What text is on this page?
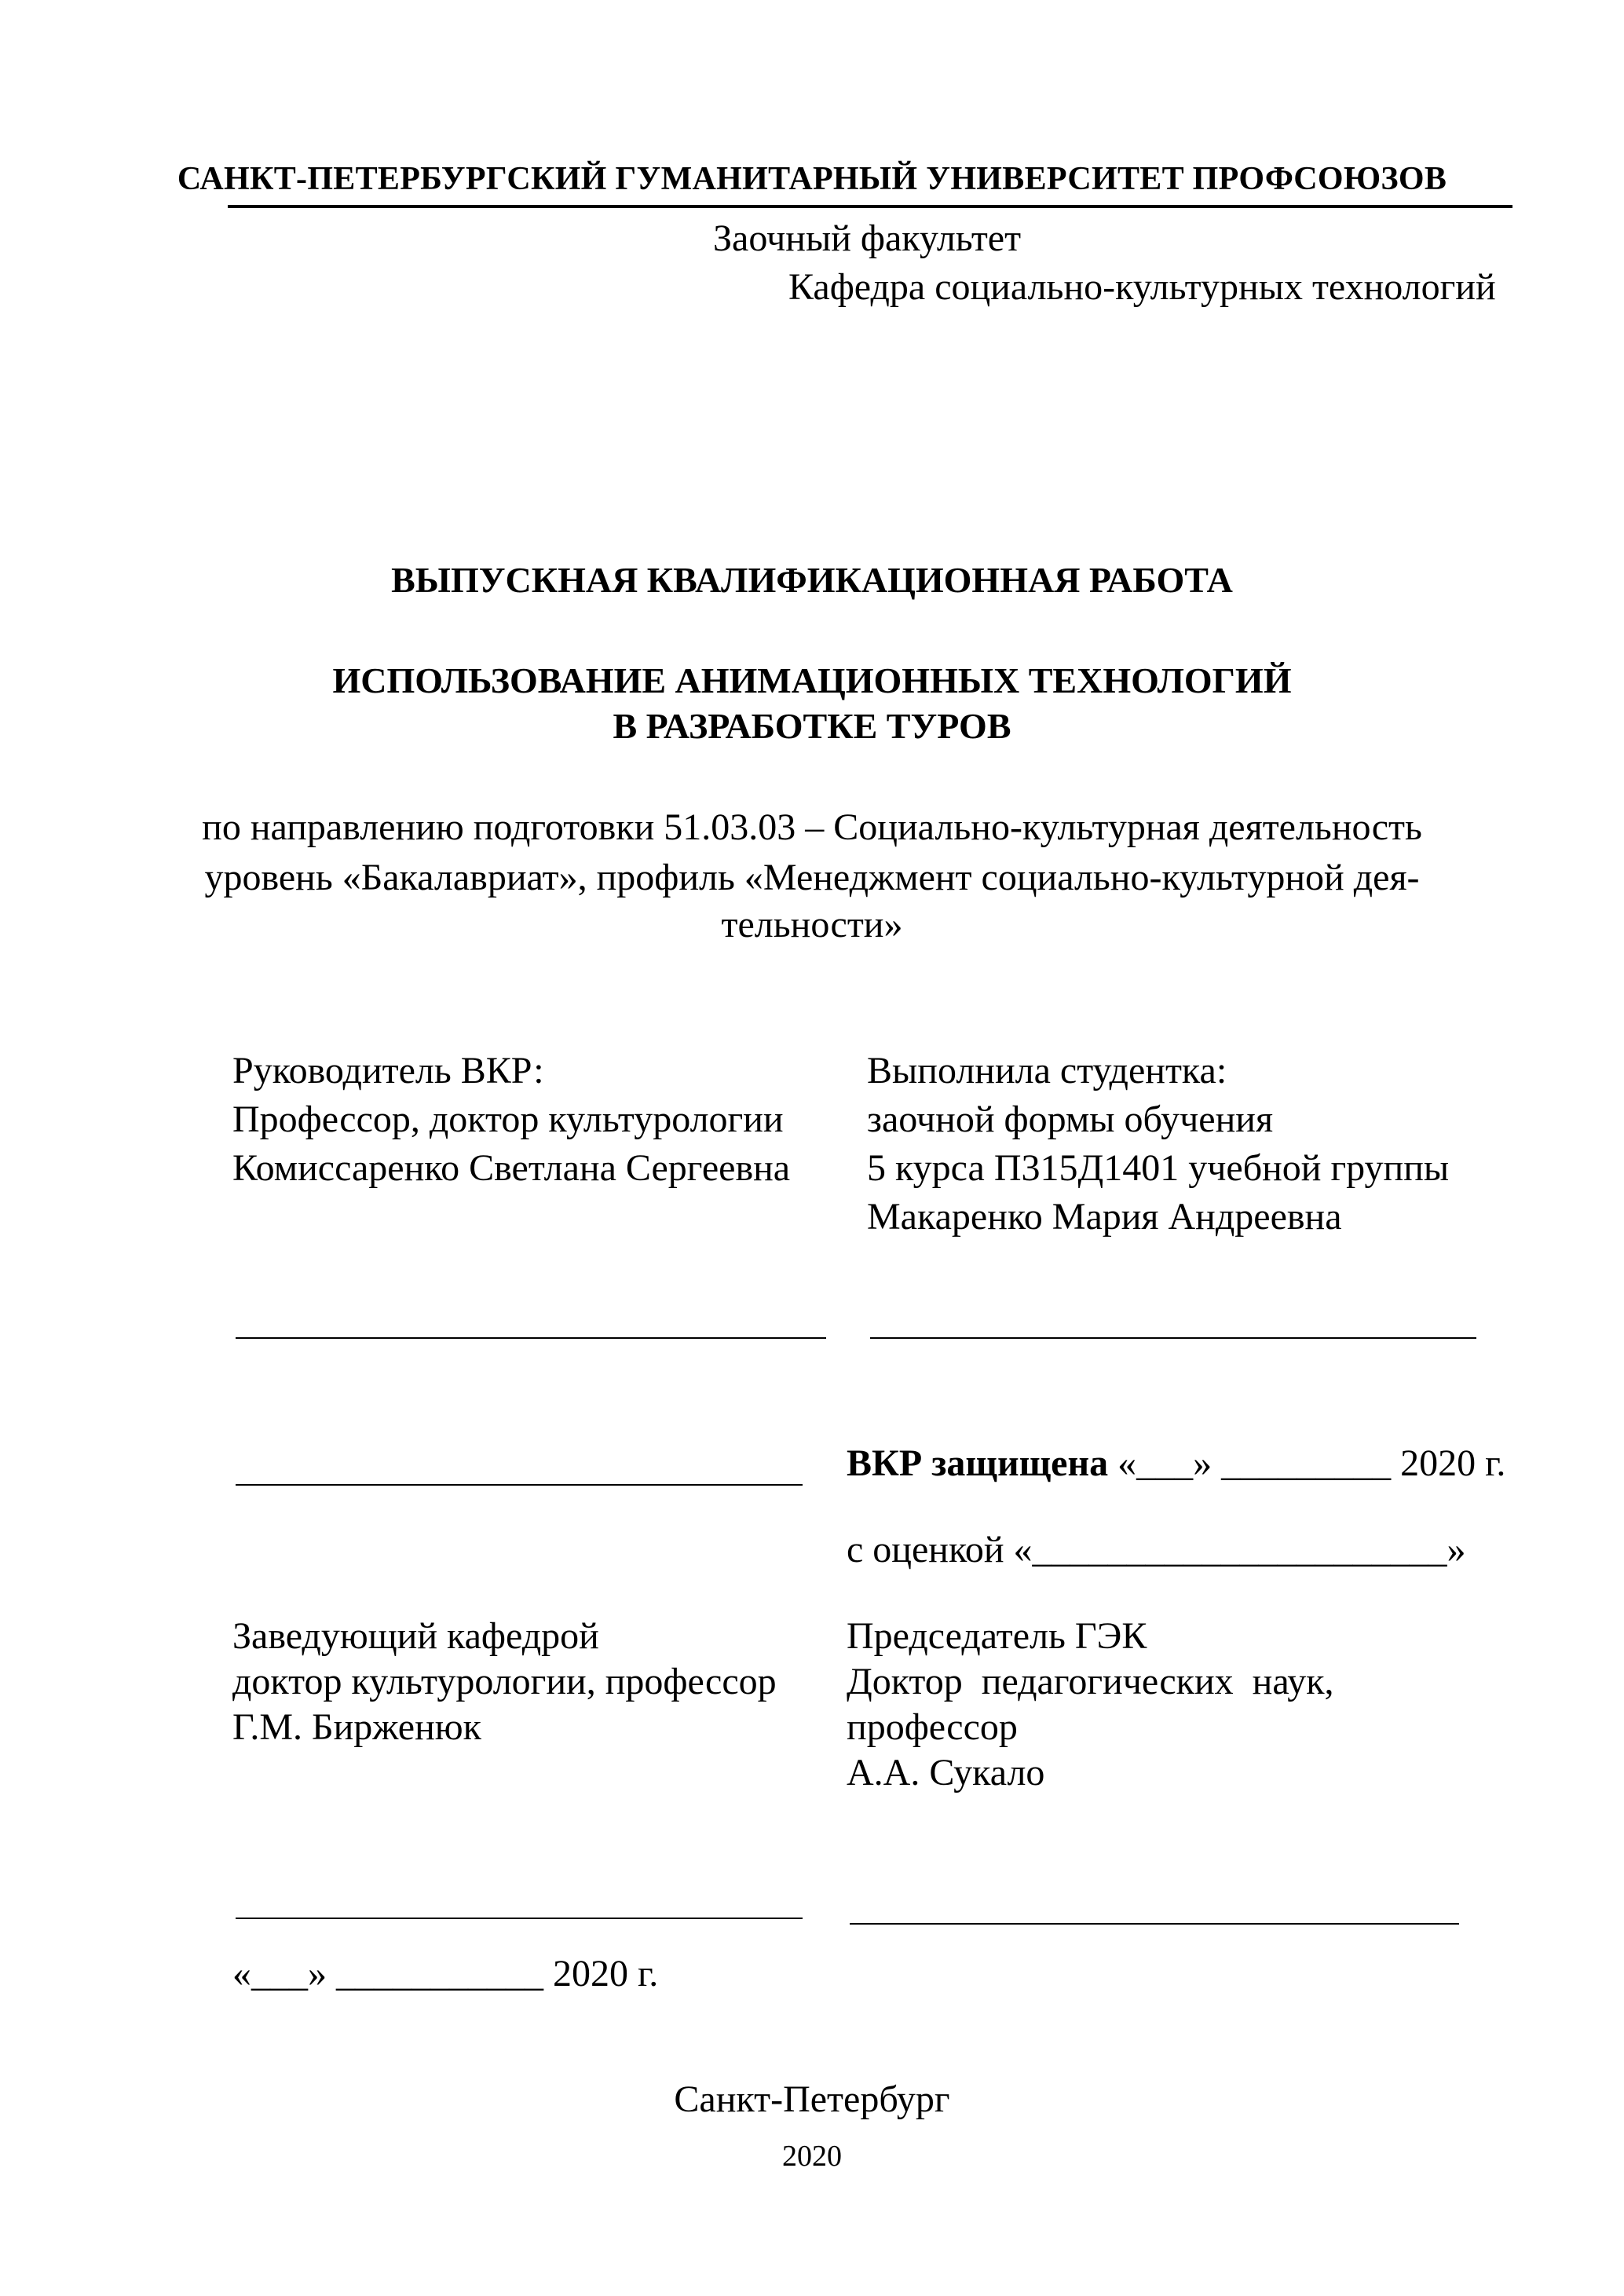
САНКТ-ПЕТЕРБУРГСКИЙ ГУМАНИТАРНЫЙ УНИВЕРСИТЕТ ПРОФСОЮЗОВ
Заочный факультет
Кафедра социально-культурных технологий
ВЫПУСКНАЯ КВАЛИФИКАЦИОННАЯ РАБОТА
ИСПОЛЬЗОВАНИЕ АНИМАЦИОННЫХ ТЕХНОЛОГИЙ
В РАЗРАБОТКЕ ТУРОВ
по направлению подготовки 51.03.03 – Социально-культурная деятельность
уровень «Бакалавриат», профиль «Менеджмент социально-культурной дея-
тельности»
Руководитель ВКР:
Профессор, доктор культурологии
Комиссаренко Светлана Сергеевна
Выполнила студентка:
заочной формы обучения
5 курса П315Д1401 учебной группы
Макаренко Мария Андреевна
ВКР защищена «___» _________ 2020 г.
с оценкой «______________________»
Заведующий кафедрой
доктор культурологии, профессор
Г.М. Бирженюк
Председатель ГЭК
Доктор  педагогических  наук,
профессор
А.А. Сукало
«___» ___________ 2020 г.
Санкт-Петербург
2020
